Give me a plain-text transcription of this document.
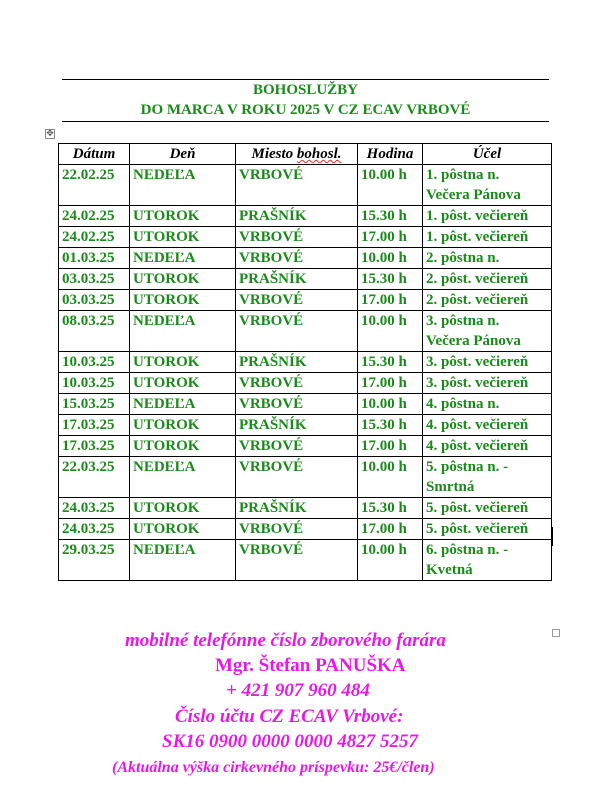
BOHOSLUŽBY
DO MARCA V ROKU 2025 V CZ ECAV VRBOVÉ
✥
Dátum	Deň	Miesto bohosl.	Hodina	Účel
22.02.25	NEDEĽA	VRBOVÉ	10.00 h	1. pôstna n.
Večera Pánova

24.02.25	UTOROK	PRAŠNÍK	15.30 h	1. pôst. večiereň

24.02.25	UTOROK	VRBOVÉ	17.00 h	1. pôst. večiereň

01.03.25	NEDEĽA	VRBOVÉ	10.00 h	2. pôstna n.

03.03.25	UTOROK	PRAŠNÍK	15.30 h	2. pôst. večiereň

03.03.25	UTOROK	VRBOVÉ	17.00 h	2. pôst. večiereň

08.03.25	NEDEĽA	VRBOVÉ	10.00 h	3. pôstna n.
Večera Pánova

10.03.25	UTOROK	PRAŠNÍK	15.30 h	3. pôst. večiereň

10.03.25	UTOROK	VRBOVÉ	17.00 h	3. pôst. večiereň

15.03.25	NEDEĽA	VRBOVÉ	10.00 h	4. pôstna n.

17.03.25	UTOROK	PRAŠNÍK	15.30 h	4. pôst. večiereň

17.03.25	UTOROK	VRBOVÉ	17.00 h	4. pôst. večiereň

22.03.25	NEDEĽA	VRBOVÉ	10.00 h	5. pôstna n. -
Smrtná

24.03.25	UTOROK	PRAŠNÍK	15.30 h	5. pôst. večiereň

24.03.25	UTOROK	VRBOVÉ	17.00 h	5. pôst. večiereň

29.03.25	NEDEĽA	VRBOVÉ	10.00 h	6. pôstna n. -
Kvetná
mobilné telefónne číslo zborového farára
Mgr. Štefan PANUŠKA
+ 421 907 960 484
Číslo účtu CZ ECAV Vrbové:
SK16 0900 0000 0000 4827 5257
(Aktuálna výška cirkevného príspevku: 25€/člen)
